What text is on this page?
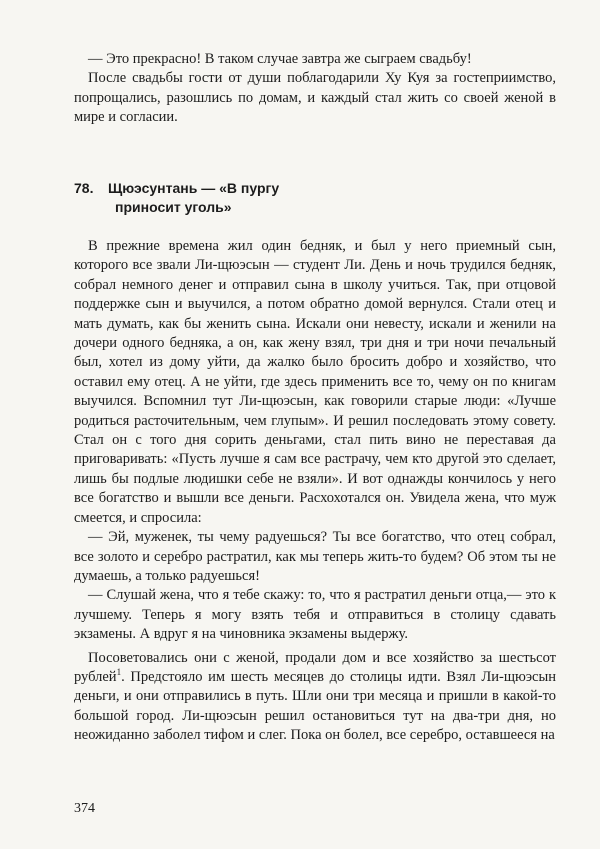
— Это прекрасно! В таком случае завтра же сыграем свадьбу!

После свадьбы гости от души поблагодарили Ху Куя за гостеприимство, попрощались, разошлись по домам, и каждый стал жить со своей женой в мире и согласии.

78. Щюэсунтань — «В пургу
приносит уголь»

В прежние времена жил один бедняк, и был у него приемный сын, которого все звали Ли-щюэсын — студент Ли. День и ночь трудился бедняк, собрал немного денег и отправил сына в школу учиться. Так, при отцовой поддержке сын и выучился, а потом обратно домой вернулся. Стали отец и мать думать, как бы женить сына. Искали они невесту, искали и женили на дочери одного бедняка, а он, как жену взял, три дня и три ночи печальный был, хотел из дому уйти, да жалко было бросить добро и хозяйство, что оставил ему отец. А не уйти, где здесь применить все то, чему он по книгам выучился. Вспомнил тут Ли-щюэсын, как говорили старые люди: «Лучше родиться расточительным, чем глупым». И решил последовать этому совету. Стал он с того дня сорить деньгами, стал пить вино не переставая да приговаривать: «Пусть лучше я сам все растрачу, чем кто другой это сделает, лишь бы подлые людишки себе не взяли». И вот однажды кончилось у него все богатство и вышли все деньги. Расхохотался он. Увидела жена, что муж смеется, и спросила:

— Эй, муженек, ты чему радуешься? Ты все богатство, что отец собрал, все золото и серебро растратил, как мы теперь жить-то будем? Об этом ты не думаешь, а только радуешься!

— Слушай жена, что я тебе скажу: то, что я растратил деньги отца,— это к лучшему. Теперь я могу взять тебя и отправиться в столицу сдавать экзамены. А вдруг я на чиновника экзамены выдержу.

Посоветовались они с женой, продали дом и все хозяйство за шестьсот рублей$^1$. Предстояло им шесть месяцев до столицы идти. Взял Ли-щюэсын деньги, и они отправились в путь. Шли они три месяца и пришли в какой-то большой город. Ли-щюэсын решил остановиться тут на два-три дня, но неожиданно заболел тифом и слег. Пока он болел, все серебро, оставшееся на

374
